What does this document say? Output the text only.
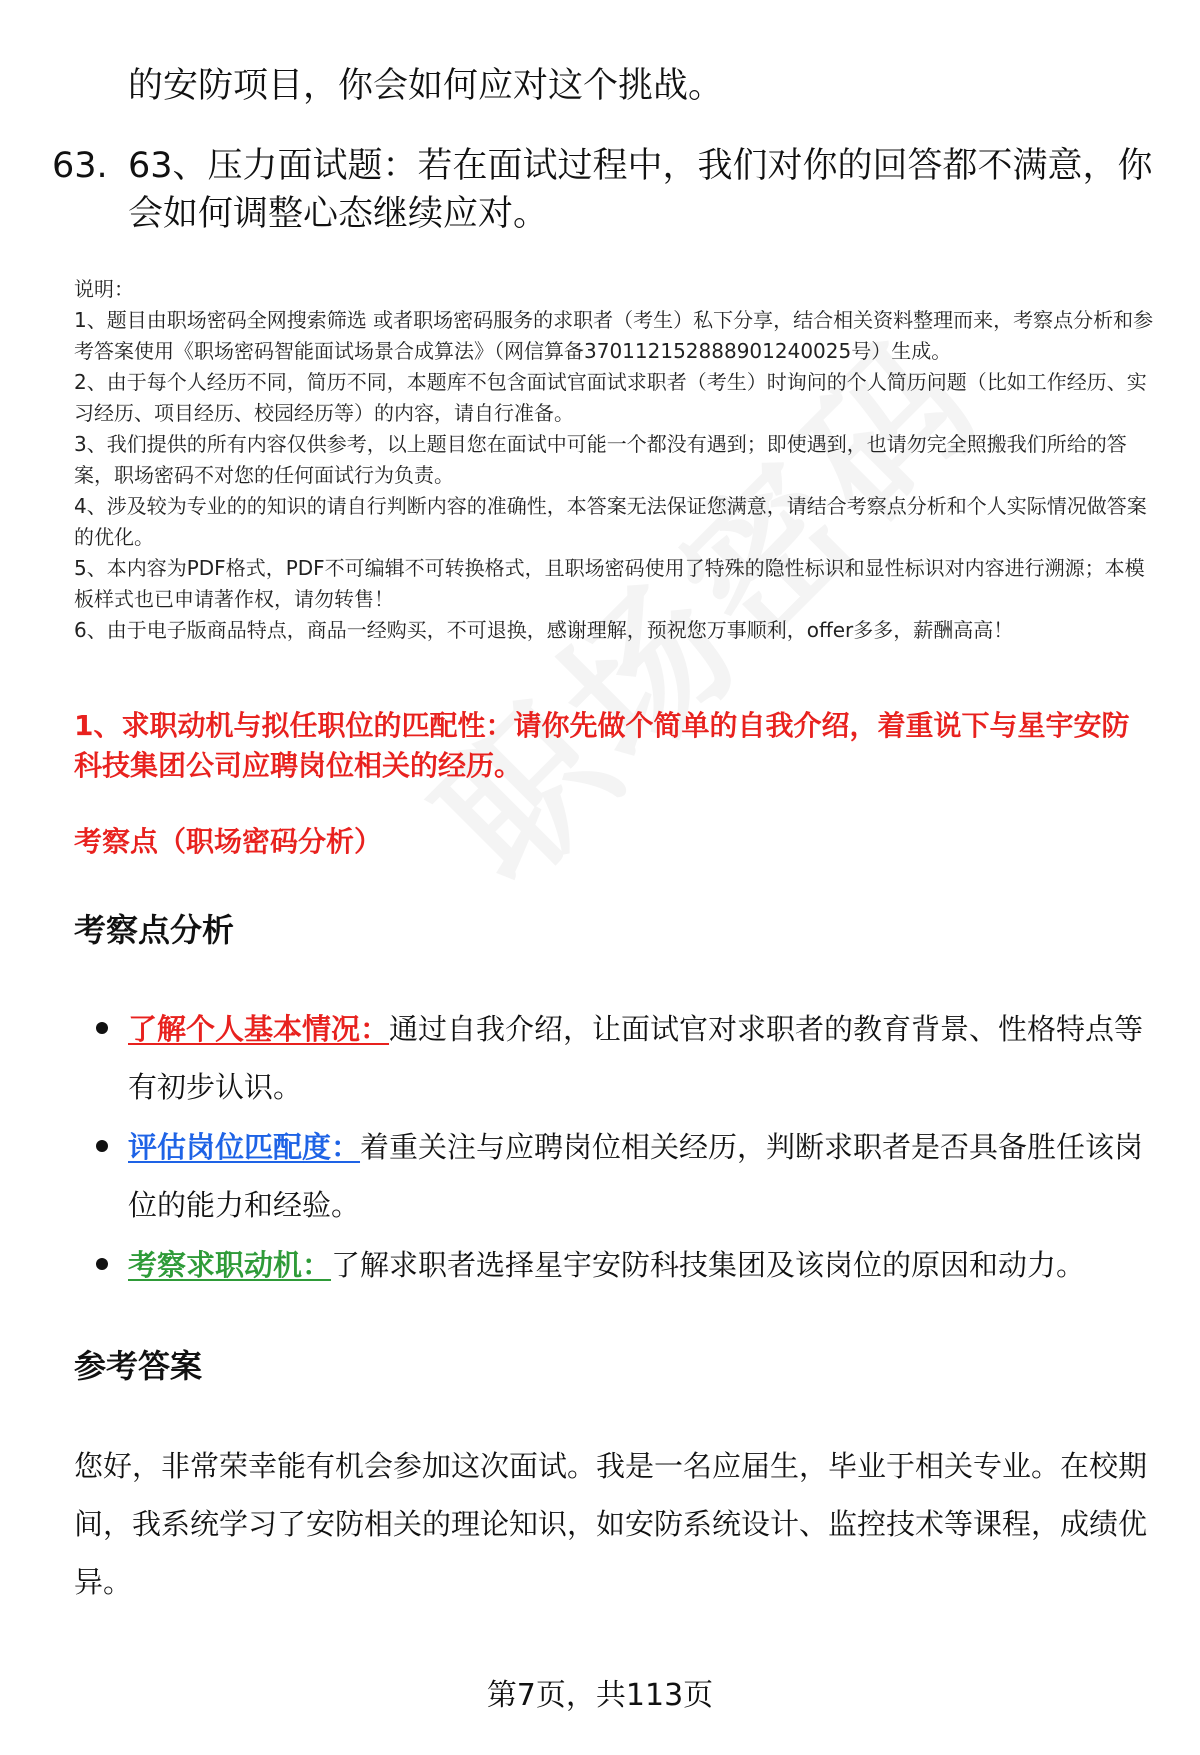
的安防项目，你会如何应对这个挑战。
63. 63、压力面试题：若在面试过程中，我们对你的回答都不满意，你会如何调整心态继续应对。

说明：

1、题目由职场密码全网搜索筛选 或者职场密码服务的求职者（考生）私下分享，结合相关资料整理而来，考察点分析和参考答案使用《职场密码智能面试场景合成算法》（网信算备370112152888901240025号）生成。

2、由于每个人经历不同，简历不同，本题库不包含面试官面试求职者（考生）时询问的个人简历问题（比如工作经历、实习经历、项目经历、校园经历等）的内容，请自行准备。

3、我们提供的所有内容仅供参考，以上题目您在面试中可能一个都没有遇到；即使遇到，也请勿完全照搬我们所给的答案，职场密码不对您的任何面试行为负责。

4、涉及较为专业的的知识的请自行判断内容的准确性，本答案无法保证您满意，请结合考察点分析和个人实际情况做答案的优化。

5、本内容为PDF格式，PDF不可编辑不可转换格式，且职场密码使用了特殊的隐性标识和显性标识对内容进行溯源；本模板样式也已申请著作权，请勿转售！

6、由于电子版商品特点，商品一经购买，不可退换，感谢理解，预祝您万事顺利，offer多多，薪酬高高！

1、求职动机与拟任职位的匹配性：请你先做个简单的自我介绍，着重说下与星宇安防科技集团公司应聘岗位相关的经历。
考察点（职场密码分析）
考察点分析
了解个人基本情况：通过自我介绍，让面试官对求职者的教育背景、性格特点等有初步认识。
评估岗位匹配度：着重关注与应聘岗位相关经历，判断求职者是否具备胜任该岗位的能力和经验。
考察求职动机：了解求职者选择星宇安防科技集团及该岗位的原因和动力。
参考答案
您好，非常荣幸能有机会参加这次面试。我是一名应届生，毕业于相关专业。在校期间，我系统学习了安防相关的理论知识，如安防系统设计、监控技术等课程，成绩优异。
第7页，共113页
